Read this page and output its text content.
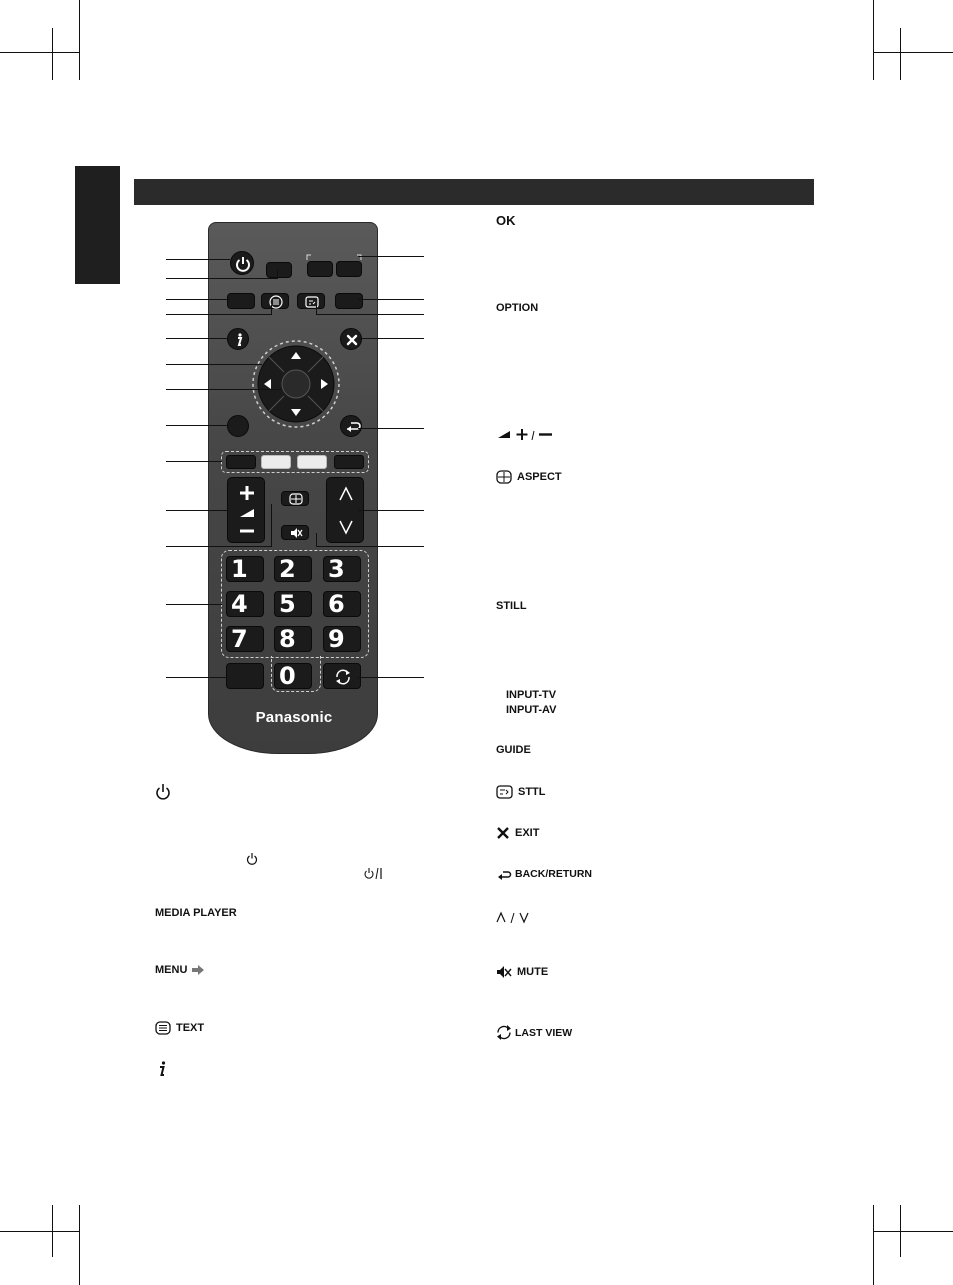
1	2	3
4	5	6
7	8	9
0
Panasonic
MEDIA PLAYER
MENU
TEXT
OK
OPTION
ASPECT
STILL
INPUT-TV
INPUT-AV
GUIDE
STTL
EXIT
BACK/RETURN
MUTE
LAST VIEW
